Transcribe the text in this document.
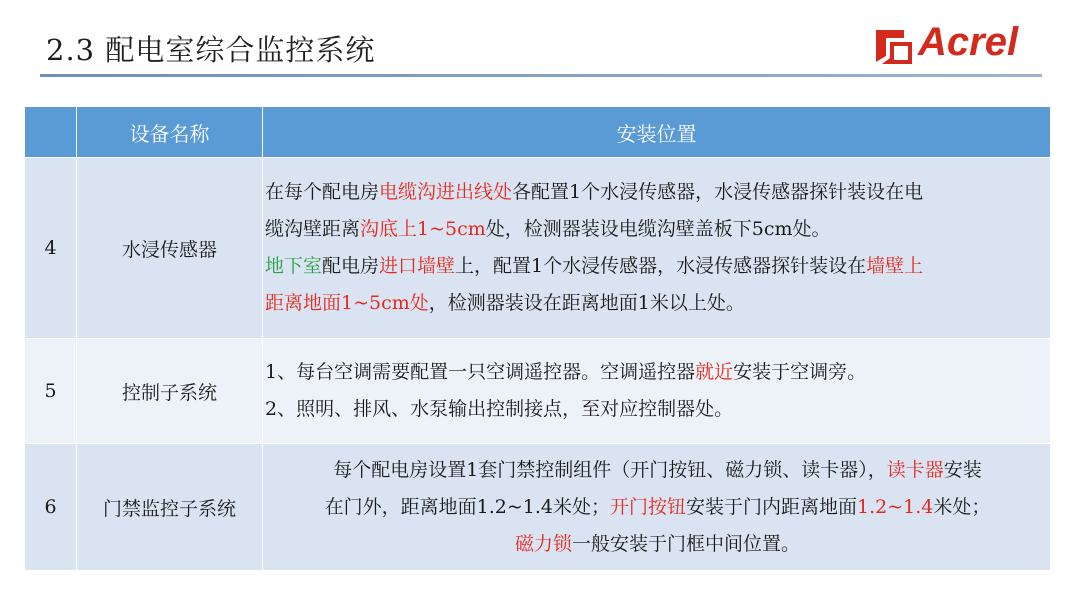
2.3 配电室综合监控系统	Acrel
	设备名称	安装位置
4	水浸传感器	在每个配电房电缆沟进出线处各配置1个水浸传感器，水浸传感器探针装设在电
缆沟壁距离沟底上1~5cm处，检测器装设电缆沟壁盖板下5cm处。
地下室配电房进口墙壁上，配置1个水浸传感器，水浸传感器探针装设在墙壁上
距离地面1~5cm处，检测器装设在距离地面1米以上处。

5	控制子系统	1、每台空调需要配置一只空调遥控器。空调遥控器就近安装于空调旁。
2、照明、排风、水泵输出控制接点，至对应控制器处。

6	门禁监控子系统	每个配电房设置1套门禁控制组件（开门按钮、磁力锁、读卡器），读卡器安装
在门外，距离地面1.2~1.4米处；开门按钮安装于门内距离地面1.2~1.4米处；
磁力锁一般安装于门框中间位置。
